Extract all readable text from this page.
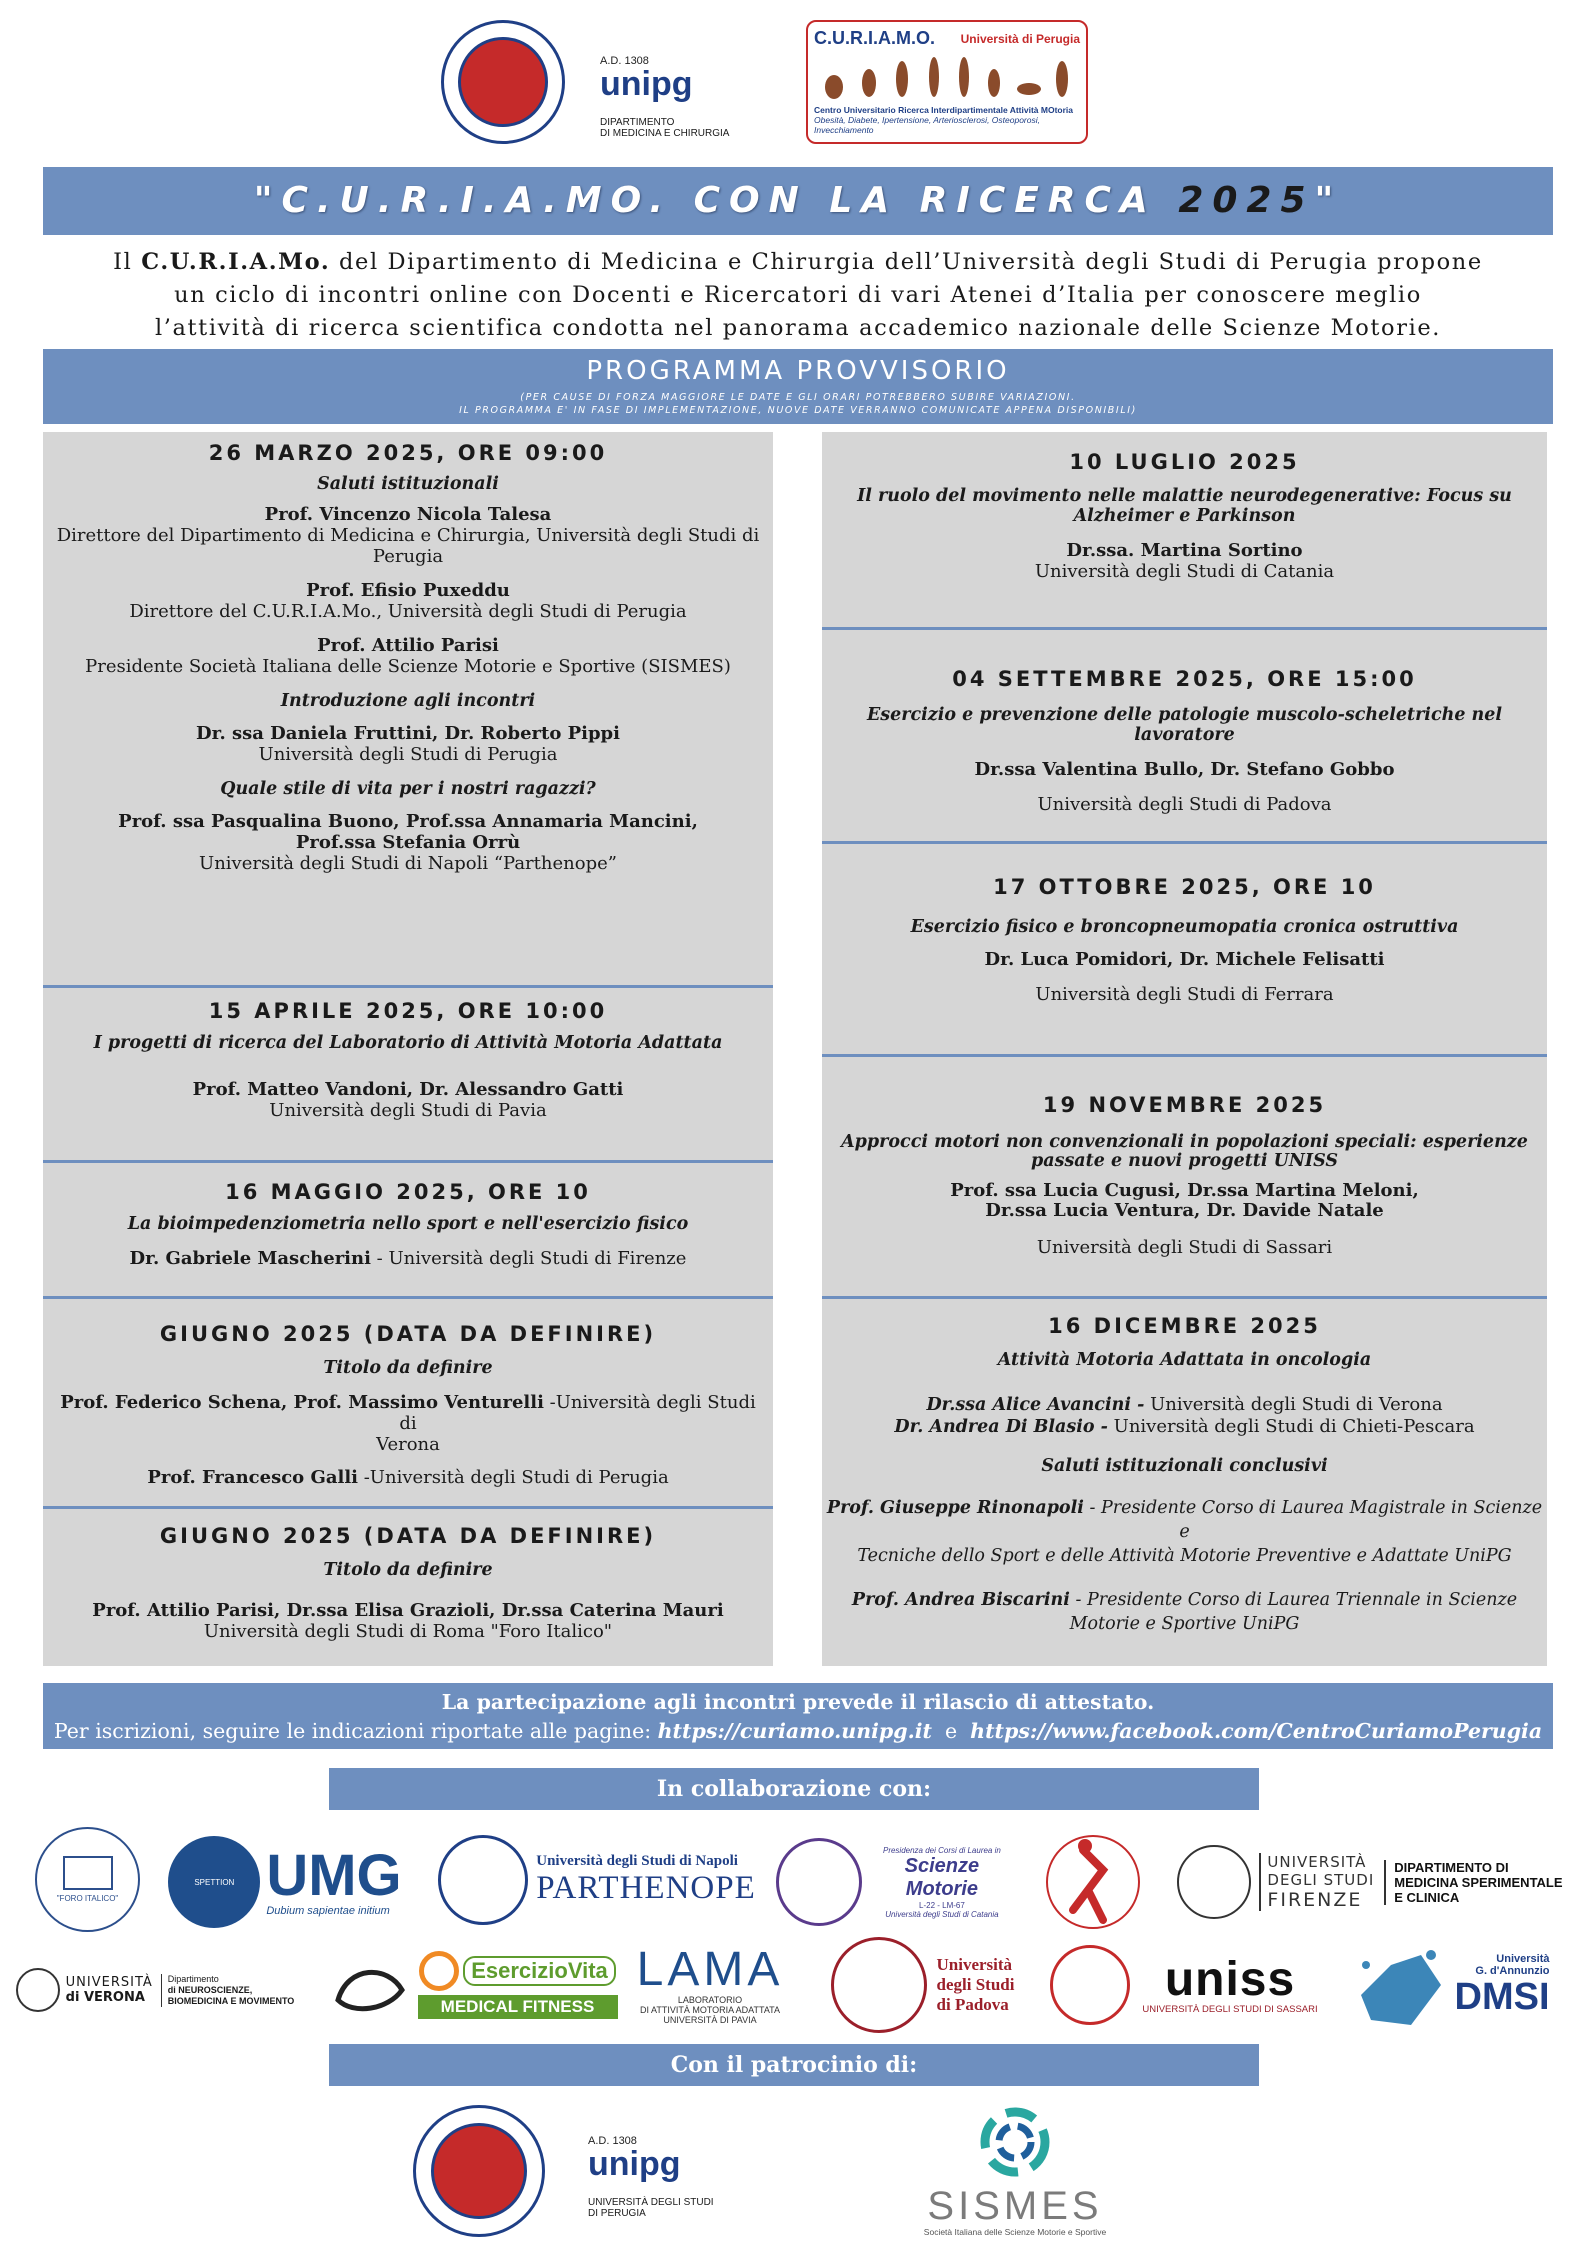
A.D. 1308
unipg
DIPARTIMENTO
DI MEDICINA E CHIRURGIA
C.U.R.I.A.M.O. Università di Perugia
Centro Universitario Ricerca Interdipartimentale Attività MOtoria
Obesità, Diabete, Ipertensione, Arteriosclerosi, Osteoporosi, Invecchiamento
"C.U.R.I.A.MO. CON LA RICERCA 2025"
Il C.U.R.I.A.Mo. del Dipartimento di Medicina e Chirurgia dell’Università degli Studi di Perugia propone
un ciclo di incontri online con Docenti e Ricercatori di vari Atenei d’Italia per conoscere meglio
l’attività di ricerca scientifica condotta nel panorama accademico nazionale delle Scienze Motorie.
PROGRAMMA PROVVISORIO
(PER CAUSE DI FORZA MAGGIORE LE DATE E GLI ORARI POTREBBERO SUBIRE VARIAZIONI.
IL PROGRAMMA E' IN FASE DI IMPLEMENTAZIONE, NUOVE DATE VERRANNO COMUNICATE APPENA DISPONIBILI)
26 MARZO 2025, ORE 09:00
Saluti istituzionali
Prof. Vincenzo Nicola Talesa
Direttore del Dipartimento di Medicina e Chirurgia, Università degli Studi di
Perugia
Prof. Efisio Puxeddu
Direttore del C.U.R.I.A.Mo., Università degli Studi di Perugia
Prof. Attilio Parisi
Presidente Società Italiana delle Scienze Motorie e Sportive (SISMES)
Introduzione agli incontri
Dr. ssa Daniela Fruttini, Dr. Roberto Pippi
Università degli Studi di Perugia
Quale stile di vita per i nostri ragazzi?
Prof. ssa Pasqualina Buono, Prof.ssa Annamaria Mancini,
Prof.ssa Stefania Orrù
Università degli Studi di Napoli “Parthenope”
15 APRILE 2025, ORE 10:00
I progetti di ricerca del Laboratorio di Attività Motoria Adattata
Prof. Matteo Vandoni, Dr. Alessandro Gatti
Università degli Studi di Pavia
16 MAGGIO 2025, ORE 10
La bioimpedenziometria nello sport e nell'esercizio fisico
Dr. Gabriele Mascherini - Università degli Studi di Firenze
GIUGNO 2025 (DATA DA DEFINIRE)
Titolo da definire
Prof. Federico Schena, Prof. Massimo Venturelli -Università degli Studi di
Verona
Prof. Francesco Galli -Università degli Studi di Perugia
GIUGNO 2025 (DATA DA DEFINIRE)
Titolo da definire
Prof. Attilio Parisi, Dr.ssa Elisa Grazioli, Dr.ssa Caterina Mauri
Università degli Studi di Roma "Foro Italico"
10 LUGLIO 2025
Il ruolo del movimento nelle malattie neurodegenerative: Focus su
Alzheimer e Parkinson
Dr.ssa. Martina Sortino
Università degli Studi di Catania
04 SETTEMBRE 2025, ORE 15:00
Esercizio e prevenzione delle patologie muscolo-scheletriche nel lavoratore
Dr.ssa Valentina Bullo, Dr. Stefano Gobbo
Università degli Studi di Padova
17 OTTOBRE 2025, ORE 10
Esercizio fisico e broncopneumopatia cronica ostruttiva
Dr. Luca Pomidori, Dr. Michele Felisatti
Università degli Studi di Ferrara
19 NOVEMBRE 2025
Approcci motori non convenzionali in popolazioni speciali: esperienze
passate e nuovi progetti UNISS
Prof. ssa Lucia Cugusi, Dr.ssa Martina Meloni,
Dr.ssa Lucia Ventura, Dr. Davide Natale
Università degli Studi di Sassari
16 DICEMBRE 2025
Attività Motoria Adattata in oncologia
Dr.ssa Alice Avancini - Università degli Studi di Verona
Dr. Andrea Di Blasio - Università degli Studi di Chieti-Pescara
Saluti istituzionali conclusivi
Prof. Giuseppe Rinonapoli - Presidente Corso di Laurea Magistrale in Scienze e
Tecniche dello Sport e delle Attività Motorie Preventive e Adattate UniPG
Prof. Andrea Biscarini - Presidente Corso di Laurea Triennale in Scienze
Motorie e Sportive UniPG
La partecipazione agli incontri prevede il rilascio di attestato.
Per iscrizioni, seguire le indicazioni riportate alle pagine: https://curiamo.unipg.it  e  https://www.facebook.com/CentroCuriamoPerugia
In collaborazione con:
"FORO ITALICO"
SPETTION UMG
Dubium sapientae initium
Università degli Studi di Napoli
PARTHENOPE
Presidenza dei Corsi di Laurea in
Scienze Motorie
L-22 - LM-67
Università degli Studi di Catania
UNIVERSITÀ
DEGLI STUDI
FIRENZE
DIPARTIMENTO DI
MEDICINA SPERIMENTALE
E CLINICA
UNIVERSITÀ
di VERONA
Dipartimento
di NEUROSCIENZE,
BIOMEDICINA E MOVIMENTO
EsercizioVita
MEDICAL FITNESS
LAMA
LABORATORIO
DI ATTIVITÀ MOTORIA ADATTATA
UNIVERSITÀ DI PAVIA
Università
degli Studi
di Padova	uniss
UNIVERSITÀ DEGLI STUDI DI SASSARI
Università
G. d'Annunzio
DMSI
Con il patrocinio di:
A.D. 1308
unipg
UNIVERSITÀ DEGLI STUDI
DI PERUGIA	SISMES
Società Italiana delle Scienze Motorie e Sportive
